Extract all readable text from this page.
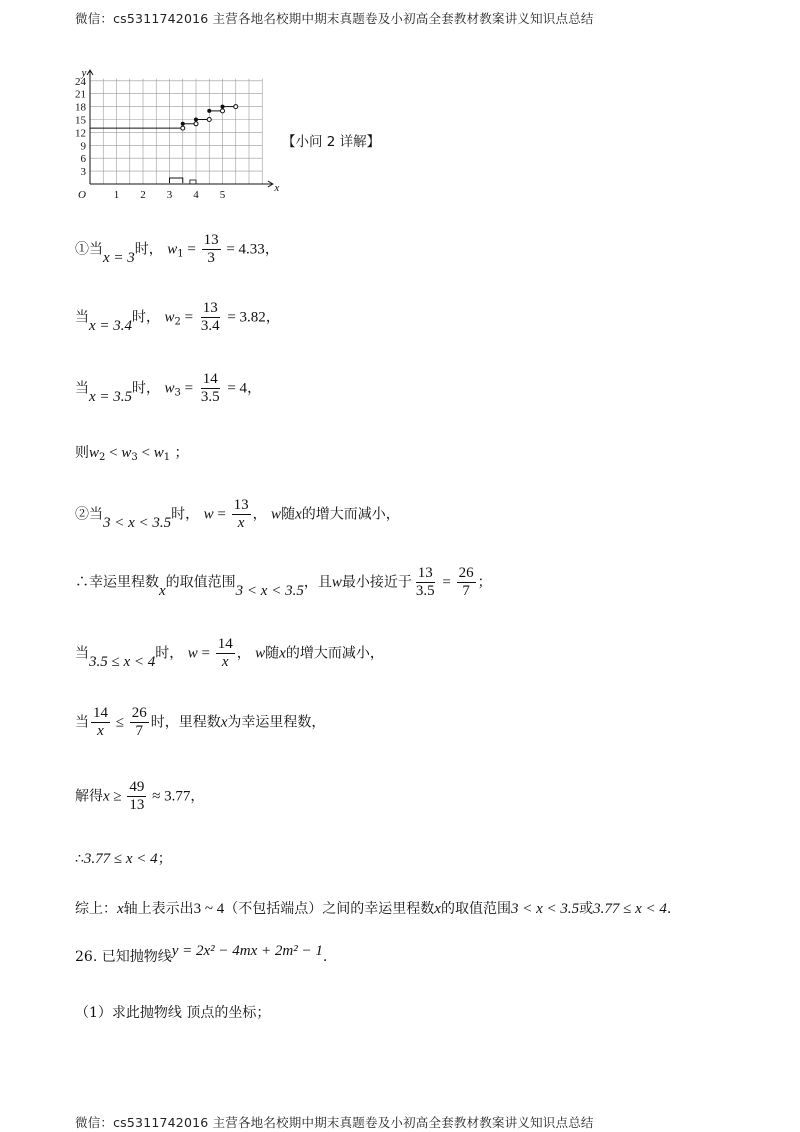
微信：cs5311742016 主营各地名校期中期末真题卷及小初高全套教材教案讲义知识点总结
1 2 3 4 5
3
6
9
12
15
18
21
24
O
x
y
【小问 2 详解】
①当x = 3时， $w_1 = \frac{13}{3} = 4.33$，
当x = 3.4时， $w_2 = \frac{13}{3.4} = 3.82$，
当x = 3.5时， $w_3 = \frac{14}{3.5} = 4$，
则$w_2 < w_3 < w_1$ ；
②当3 < x < 3.5时， $w = \frac{13}{x}$ ， w随x的增大而减小，
∴幸运里程数x的取值范围3 < x < 3.5，且w最小接近于 $\frac{13}{3.5} = \frac{26}{7}$ ；
当3.5 ≤ x < 4时， $w = \frac{14}{x}$ ， w随x的增大而减小，
当 $\frac{14}{x} \le \frac{26}{7}$ 时，里程数x为幸运里程数，
解得$x \ge \frac{49}{13} \approx 3.77$，
∴3.77 ≤ x < 4；
综上：x轴上表示出3 ~ 4（不包括端点）之间的幸运里程数x的取值范围3 < x < 3.5或3.77 ≤ x < 4.
26. 已知抛物线y = 2x² − 4mx + 2m² − 1.
（1）求此抛物线 顶点的坐标；
微信：cs5311742016 主营各地名校期中期末真题卷及小初高全套教材教案讲义知识点总结
